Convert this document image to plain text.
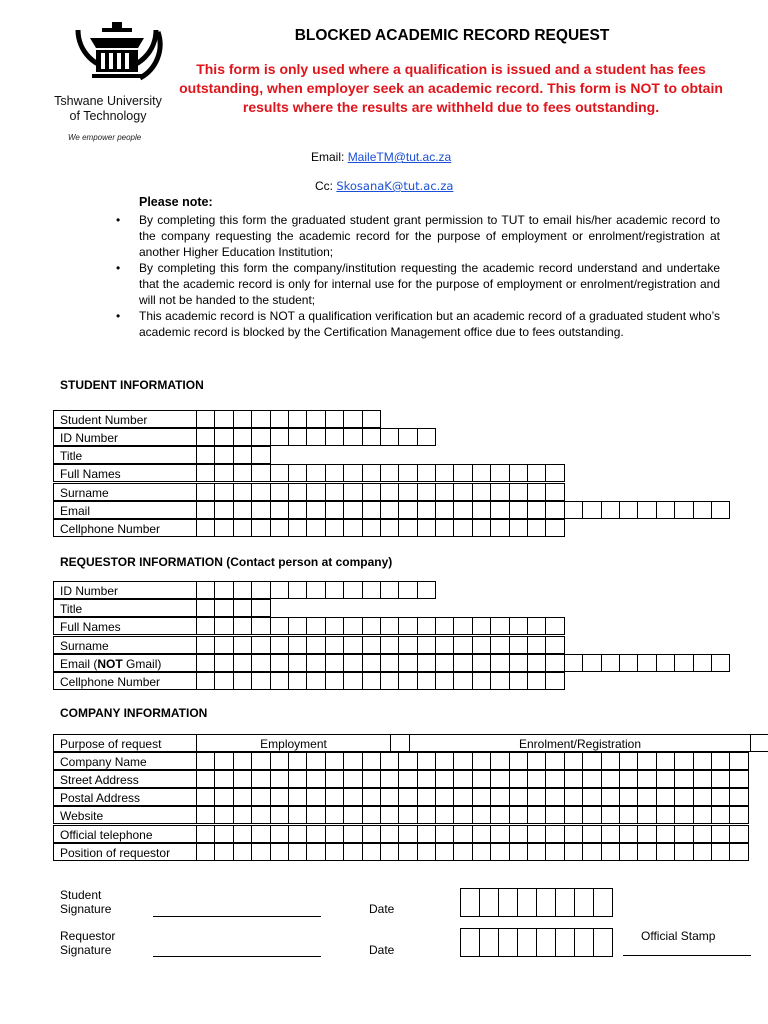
Tshwane University
of Technology
We empower people
BLOCKED ACADEMIC RECORD REQUEST
This form is only used where a qualification is issued and a student has fees outstanding, when employer seek an academic record. This form is NOT to obtain results where the results are withheld due to fees outstanding.
Email: MaileTM@tut.ac.za
Cc: SkosanaK@tut.ac.za
Please note:
• By completing this form the graduated student grant permission to TUT to email his/her academic record to the company requesting the academic record for the purpose of employment or enrolment/registration at another Higher Education Institution;
• By completing this form the company/institution requesting the academic record understand and undertake that the academic record is only for internal use for the purpose of employment or enrolment/registration and will not be handed to the student;
• This academic record is NOT a qualification verification but an academic record of a graduated student who’s academic record is blocked by the Certification Management office due to fees outstanding.
STUDENT INFORMATION
Student Number
ID Number
Title
Full Names
Surname
Email
Cellphone Number
REQUESTOR INFORMATION (Contact person at company)
ID Number
Title
Full Names
Surname
Email (NOT Gmail)
Cellphone Number
COMPANY INFORMATION
Purpose of request	Employment	Enrolment/Registration
Company Name
Street Address
Postal Address
Website
Official telephone
Position of requestor
Student
Signature	Date
Requestor
Signature	Date
Official Stamp
